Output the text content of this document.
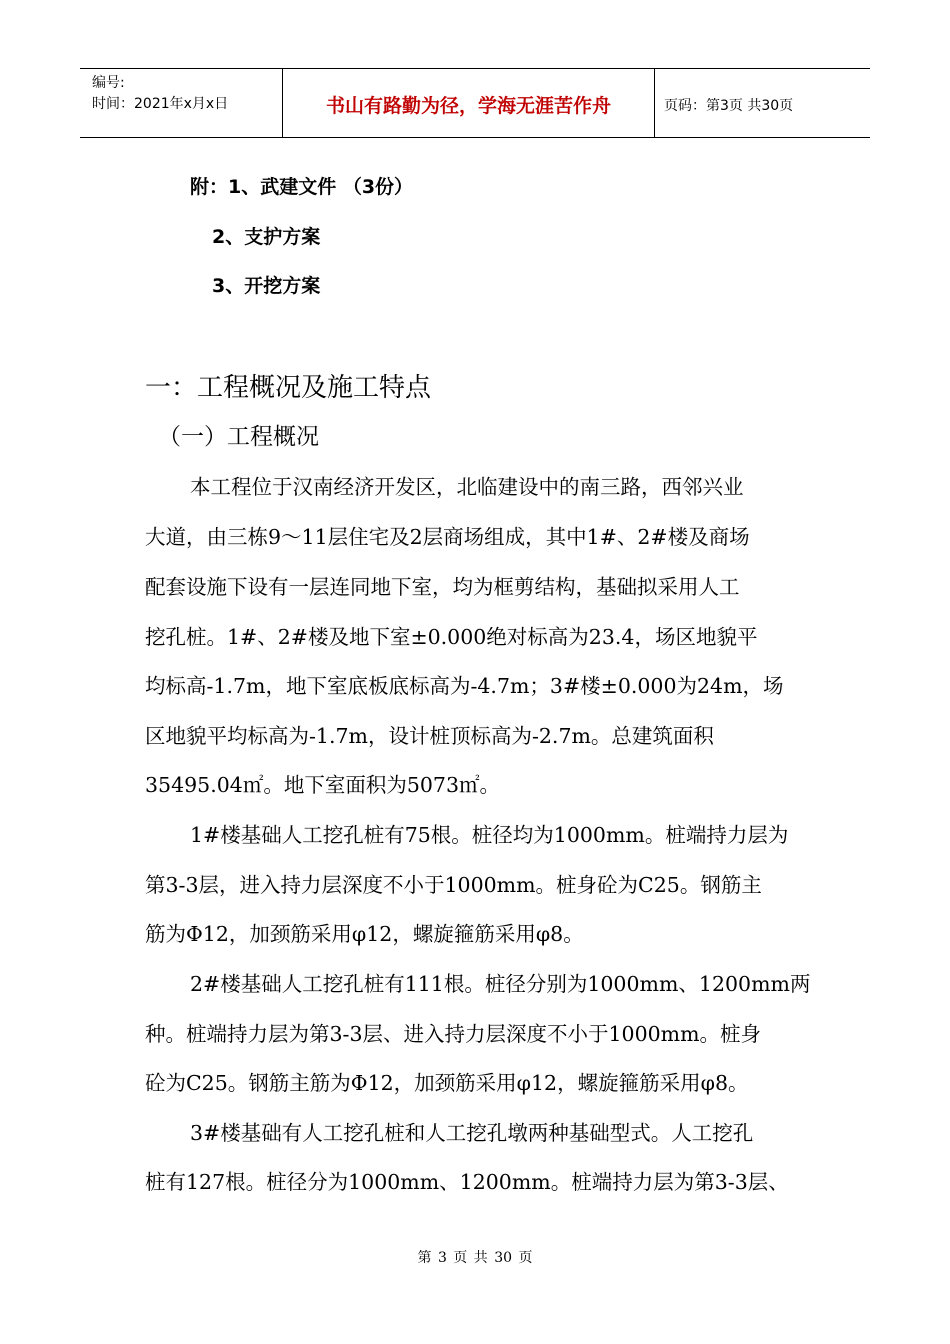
编号:
时间：2021年x月x日	书山有路勤为径，学海无涯苦作舟	页码：第3页 共30页
附：1、武建文件 （3份）
2、支护方案
3、开挖方案
一：工程概况及施工特点
（一）工程概况
本工程位于汉南经济开发区，北临建设中的南三路，西邻兴业
大道，由三栋9～11层住宅及2层商场组成，其中1#、2#楼及商场
配套设施下设有一层连同地下室，均为框剪结构，基础拟采用人工
挖孔桩。1#、2#楼及地下室±0.000绝对标高为23.4，场区地貌平
均标高-1.7m，地下室底板底标高为-4.7m；3#楼±0.000为24m，场
区地貌平均标高为-1.7m，设计桩顶标高为-2.7m。总建筑面积
35495.04㎡。地下室面积为5073㎡。
1#楼基础人工挖孔桩有75根。桩径均为1000mm。桩端持力层为
第3-3层，进入持力层深度不小于1000mm。桩身砼为C25。钢筋主
筋为Φ12，加颈筋采用φ12，螺旋箍筋采用φ8。
2#楼基础人工挖孔桩有111根。桩径分别为1000mm、1200mm两
种。桩端持力层为第3-3层、进入持力层深度不小于1000mm。桩身
砼为C25。钢筋主筋为Φ12，加颈筋采用φ12，螺旋箍筋采用φ8。
3#楼基础有人工挖孔桩和人工挖孔墩两种基础型式。人工挖孔
桩有127根。桩径分为1000mm、1200mm。桩端持力层为第3-3层、
第 3 页 共 30 页
